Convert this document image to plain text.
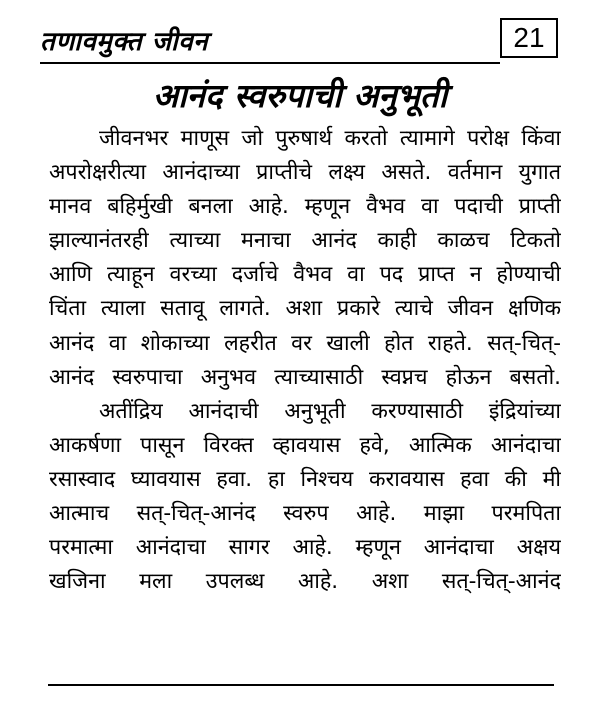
तणावमुक्त जीवन	21
आनंद स्वरुपाची अनुभूती
जीवनभर माणूस जो पुरुषार्थ करतो त्यामागे परोक्ष किंवा
अपरोक्षरीत्या आनंदाच्या प्राप्तीचे लक्ष्य असते. वर्तमान युगात
मानव बहिर्मुखी बनला आहे. म्हणून वैभव वा पदाची प्राप्ती
झाल्यानंतरही त्याच्या मनाचा आनंद काही काळच टिकतो
आणि त्याहून वरच्या दर्जाचे वैभव वा पद प्राप्त न होण्याची
चिंता त्याला सतावू लागते. अशा प्रकारे त्याचे जीवन क्षणिक
आनंद वा शोकाच्या लहरीत वर खाली होत राहते. सत्-चित्-
आनंद स्वरुपाचा अनुभव त्याच्यासाठी स्वप्नच होऊन बसतो.
अतींद्रिय आनंदाची अनुभूती करण्यासाठी इंद्रियांच्या
आकर्षणा पासून विरक्त व्हावयास हवे, आत्मिक आनंदाचा
रसास्वाद घ्यावयास हवा. हा निश्चय करावयास हवा की मी
आत्माच सत्-चित्-आनंद स्वरुप आहे. माझा परमपिता
परमात्मा आनंदाचा सागर आहे. म्हणून आनंदाचा अक्षय
खजिना मला उपलब्ध आहे. अशा सत्-चित्-आनंद
